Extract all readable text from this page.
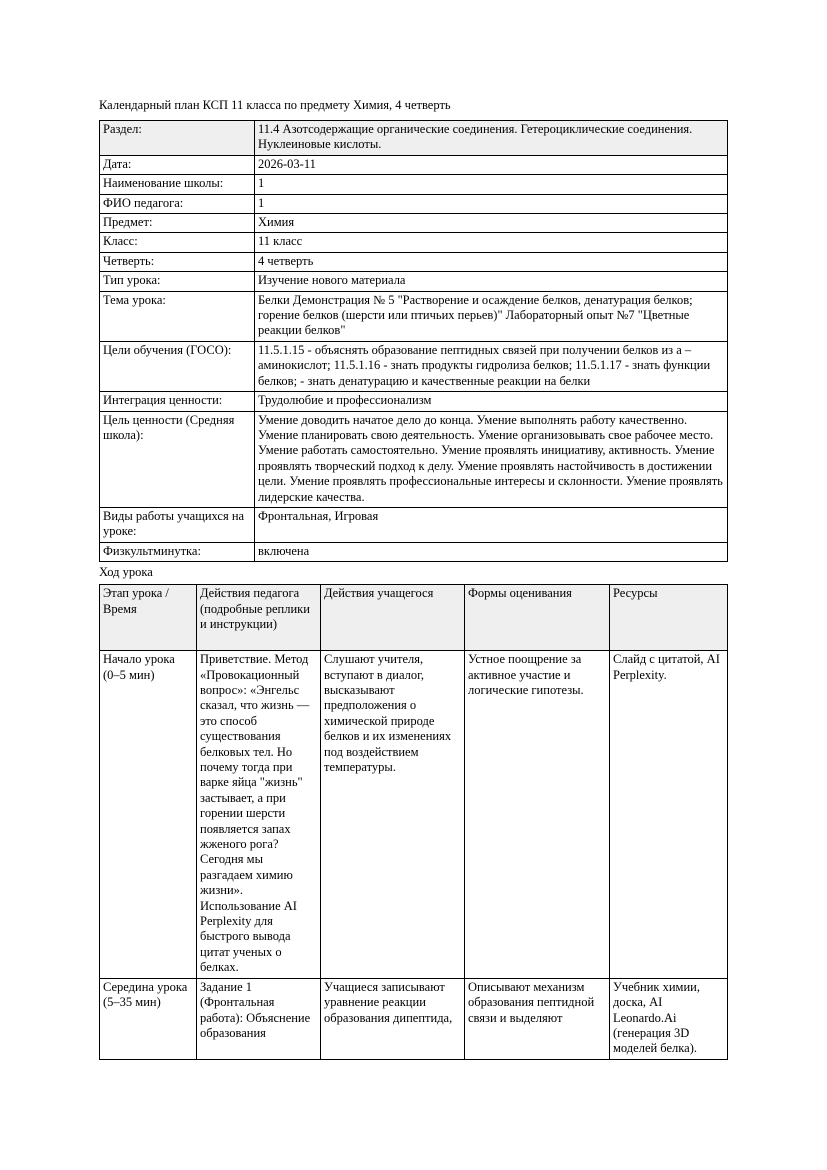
Календарный план КСП 11 класса по предмету Химия, 4 четверть

Раздел:	11.4 Азотсодержащие органические соединения. Гетероциклические соединения. Нуклеиновые кислоты.
Дата:	2026-03-11
Наименование школы:	1
ФИО педагога:	1
Предмет:	Химия
Класс:	11 класс
Четверть:	4 четверть
Тип урока:	Изучение нового материала
Тема урока:	Белки Демонстрация № 5 "Растворение и осаждение белков, денатурация белков; горение белков (шерсти или птичьих перьев)" Лабораторный опыт №7 "Цветные реакции белков"
Цели обучения (ГОСО):	11.5.1.15 - объяснять образование пептидных связей при получении белков из а – аминокислот; 11.5.1.16 - знать продукты гидролиза белков; 11.5.1.17 - знать функции белков; - знать денатурацию и качественные реакции на белки
Интеграция ценности:	Трудолюбие и профессионализм
Цель ценности (Средняя школа):	Умение доводить начатое дело до конца. Умение выполнять работу качественно. Умение планировать свою деятельность. Умение организовывать свое рабочее место. Умение работать самостоятельно. Умение проявлять инициативу, активность. Умение проявлять творческий подход к делу. Умение проявлять настойчивость в достижении цели. Умение проявлять профессиональные интересы и склонности. Умение проявлять лидерские качества.
Виды работы учащихся на уроке:	Фронтальная, Игровая
Физкультминутка:	включена

Ход урока

Этап урока / Время	Действия педагога (подробные реплики и инструкции)	Действия учащегося	Формы оценивания	Ресурсы
Начало урока (0–5 мин)	Приветствие. Метод «Провокационный вопрос»: «Энгельс сказал, что жизнь — это способ существования белковых тел. Но почему тогда при варке яйца "жизнь" застывает, а при горении шерсти появляется запах жженого рога? Сегодня мы разгадаем химию жизни». Использование AI Perplexity для быстрого вывода цитат ученых о белках.	Слушают учителя, вступают в диалог, высказывают предположения о химической природе белков и их изменениях под воздействием температуры.	Устное поощрение за активное участие и логические гипотезы.	Слайд с цитатой, AI Perplexity.
Середина урока (5–35 мин)	Задание 1 (Фронтальная работа): Объяснение образования	Учащиеся записывают уравнение реакции образования дипептида,	Описывают механизм образования пептидной связи и выделяют	Учебник химии, доска, AI Leonardo.Ai (генерация 3D моделей белка).
